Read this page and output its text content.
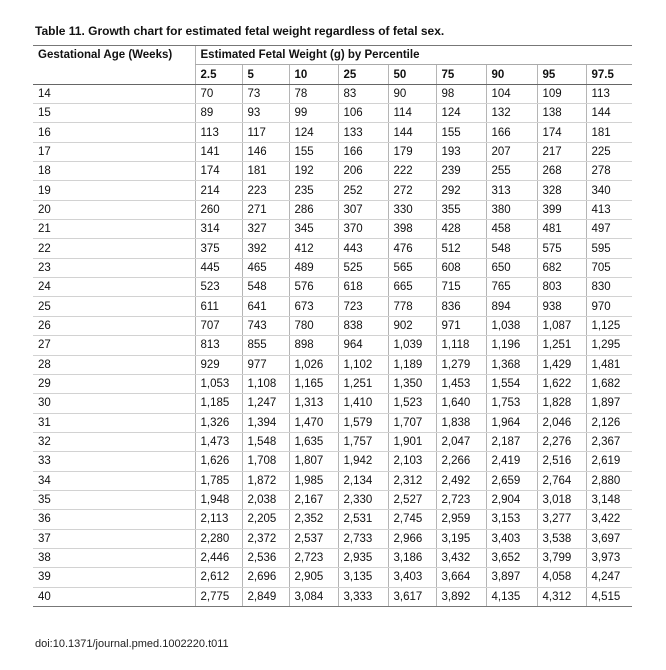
Table 11. Growth chart for estimated fetal weight regardless of fetal sex.
Gestational Age (Weeks)	Estimated Fetal Weight (g) by Percentile								
	2.5	5	10	25	50	75	90	95	97.5
14	70	73	78	83	90	98	104	109	113
15	89	93	99	106	114	124	132	138	144
16	113	117	124	133	144	155	166	174	181
17	141	146	155	166	179	193	207	217	225
18	174	181	192	206	222	239	255	268	278
19	214	223	235	252	272	292	313	328	340
20	260	271	286	307	330	355	380	399	413
21	314	327	345	370	398	428	458	481	497
22	375	392	412	443	476	512	548	575	595
23	445	465	489	525	565	608	650	682	705
24	523	548	576	618	665	715	765	803	830
25	611	641	673	723	778	836	894	938	970
26	707	743	780	838	902	971	1,038	1,087	1,125
27	813	855	898	964	1,039	1,118	1,196	1,251	1,295
28	929	977	1,026	1,102	1,189	1,279	1,368	1,429	1,481
29	1,053	1,108	1,165	1,251	1,350	1,453	1,554	1,622	1,682
30	1,185	1,247	1,313	1,410	1,523	1,640	1,753	1,828	1,897
31	1,326	1,394	1,470	1,579	1,707	1,838	1,964	2,046	2,126
32	1,473	1,548	1,635	1,757	1,901	2,047	2,187	2,276	2,367
33	1,626	1,708	1,807	1,942	2,103	2,266	2,419	2,516	2,619
34	1,785	1,872	1,985	2,134	2,312	2,492	2,659	2,764	2,880
35	1,948	2,038	2,167	2,330	2,527	2,723	2,904	3,018	3,148
36	2,113	2,205	2,352	2,531	2,745	2,959	3,153	3,277	3,422
37	2,280	2,372	2,537	2,733	2,966	3,195	3,403	3,538	3,697
38	2,446	2,536	2,723	2,935	3,186	3,432	3,652	3,799	3,973
39	2,612	2,696	2,905	3,135	3,403	3,664	3,897	4,058	4,247
40	2,775	2,849	3,084	3,333	3,617	3,892	4,135	4,312	4,515
doi:10.1371/journal.pmed.1002220.t011
